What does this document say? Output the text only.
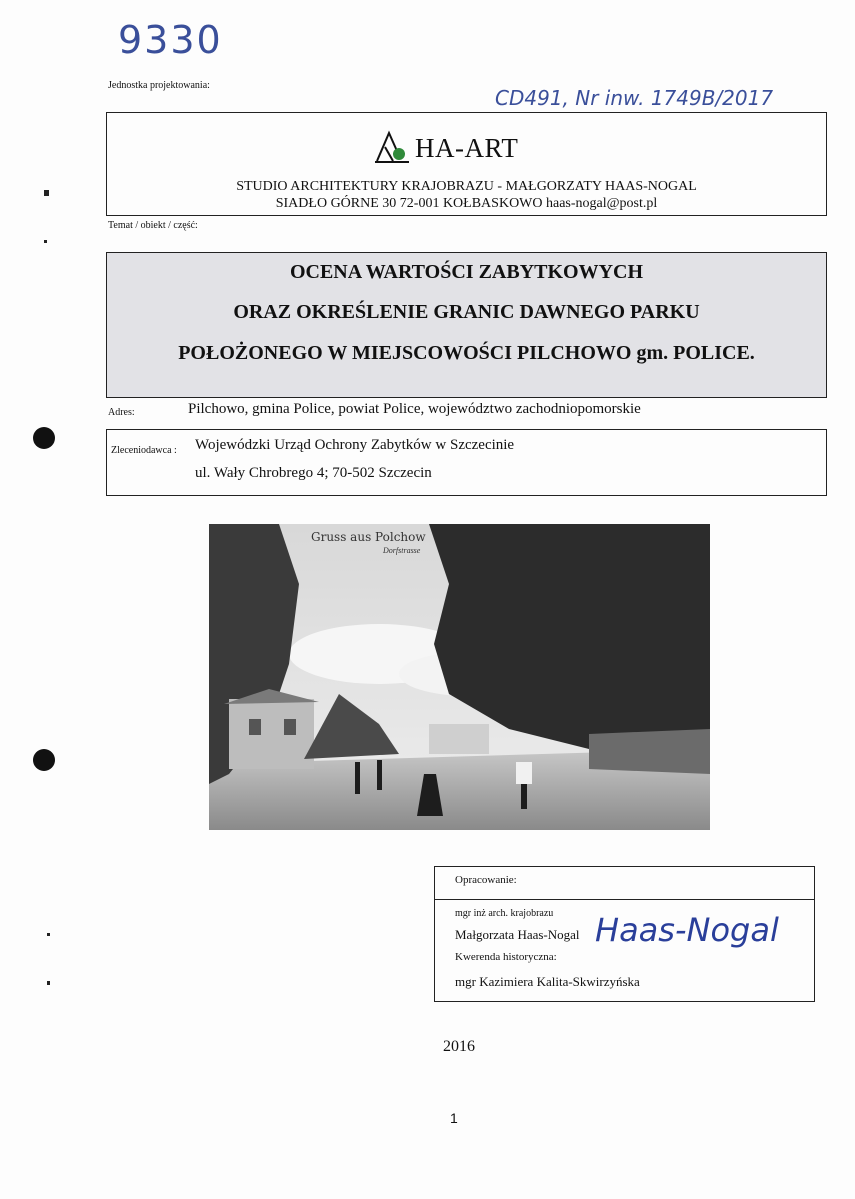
9330
CD491, Nr inw. 1749B/2017
Jednostka projektowania:
HA-ART
STUDIO ARCHITEKTURY KRAJOBRAZU - MAŁGORZATY HAAS-NOGAL
SIADŁO GÓRNE 30 72-001 KOŁBASKOWO haas-nogal@post.pl
Temat / obiekt / część:
OCENA WARTOŚCI ZABYTKOWYCH
ORAZ OKREŚLENIE GRANIC DAWNEGO PARKU
POŁOŻONEGO W MIEJSCOWOŚCI PILCHOWO gm. POLICE.
Adres:	Pilchowo, gmina Police, powiat Police, województwo zachodniopomorskie
Zleceniodawca : Wojewódzki Urząd Ochrony Zabytków w Szczecinie
ul. Wały Chrobrego 4; 70-502 Szczecin
Gruss aus Polchow
Dorfstrasse
Opracowanie:
mgr inż arch. krajobrazu
Małgorzata Haas-Nogal Haas-Nogal
Kwerenda historyczna:
mgr Kazimiera Kalita-Skwirzyńska
2016
1
